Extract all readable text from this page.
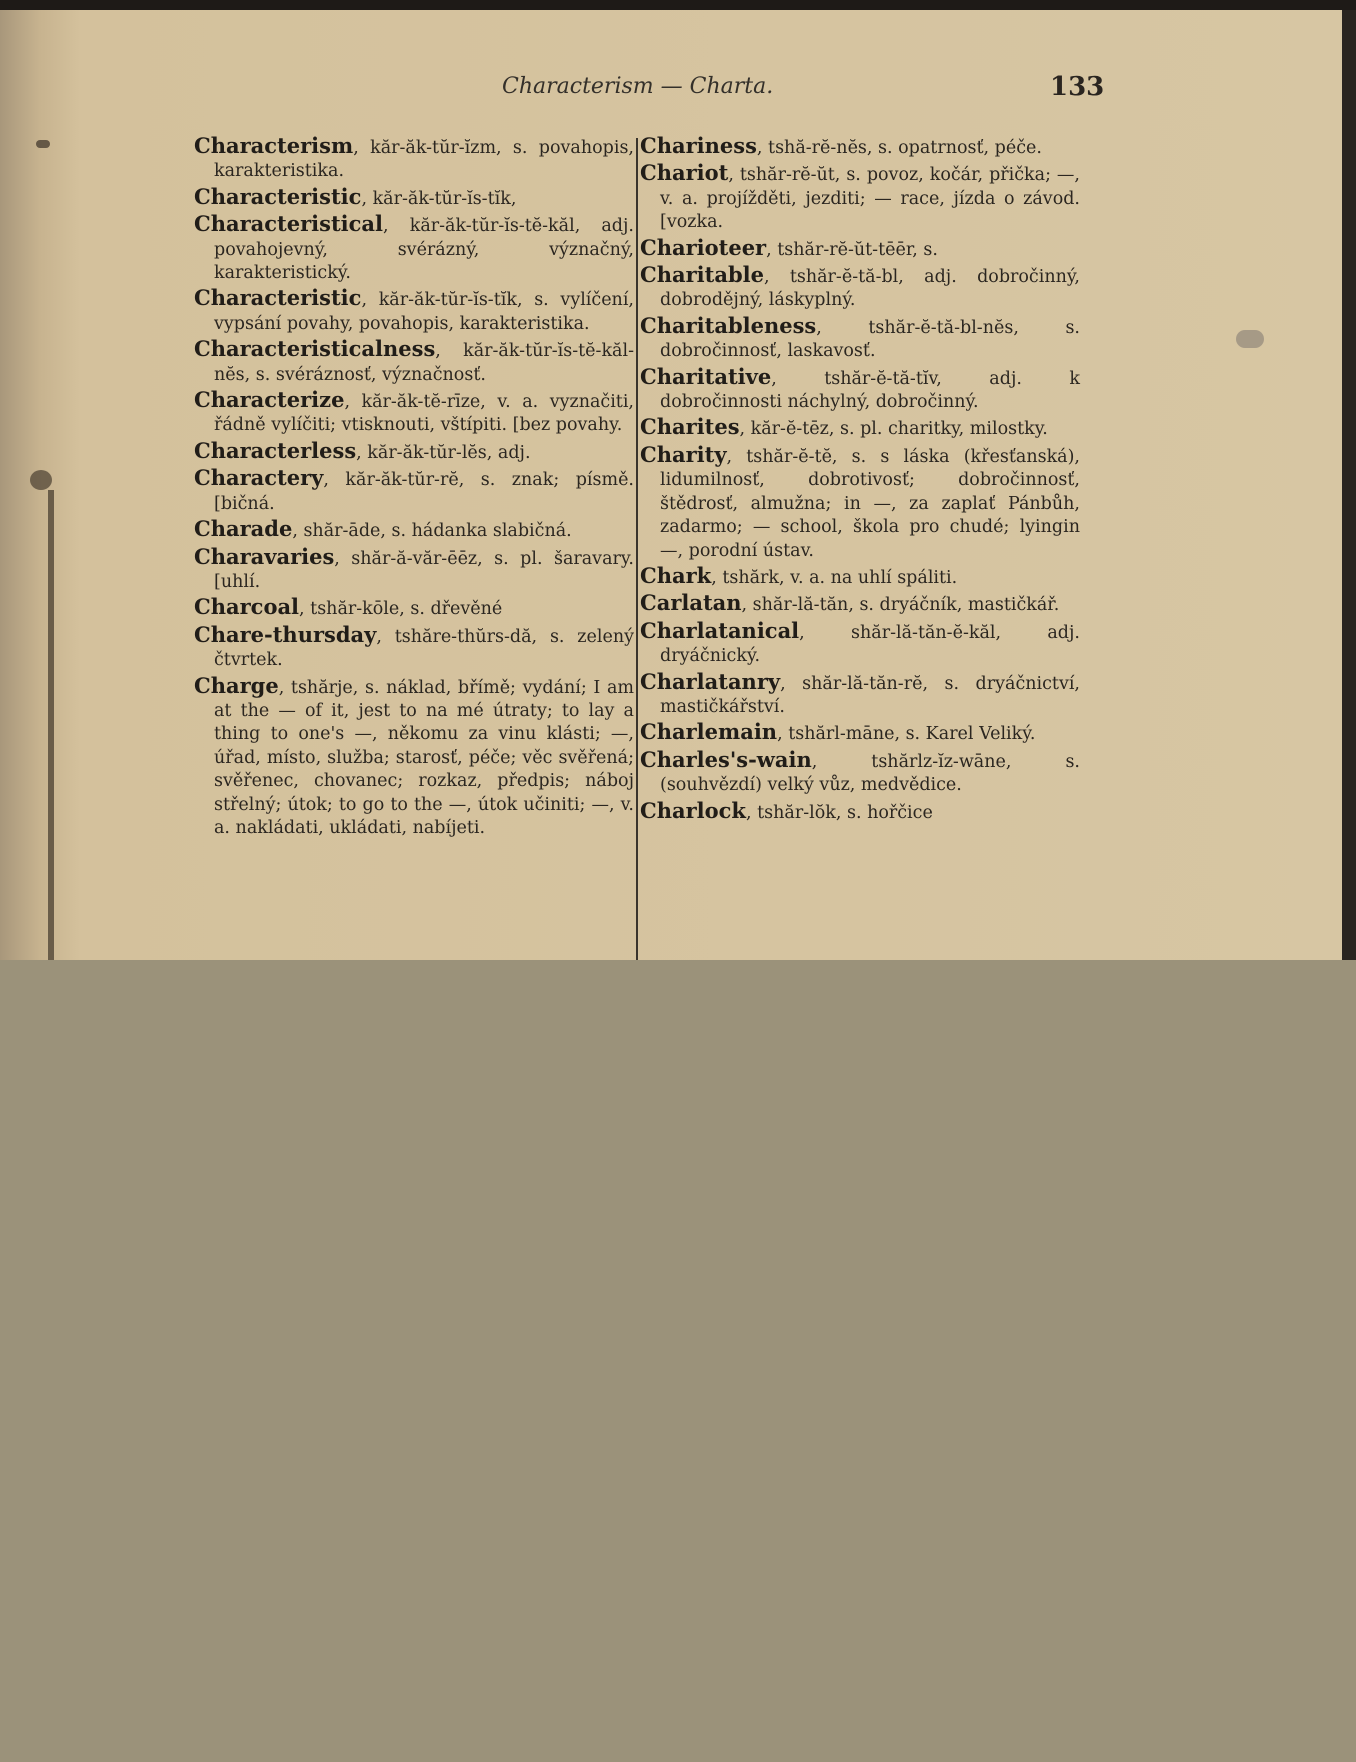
Characterism — Charta.	133
Characterism, kăr-ăk-tŭr-ĭzm, s. povahopis, karakteristika.
Characteristic, kăr-ăk-tŭr-ĭs-tĭk,
Characteristical, kăr-ăk-tŭr-ĭs-tĕ-kăl, adj. povahojevný, svérázný, význačný, karakteristický.
Characteristic, kăr-ăk-tŭr-ĭs-tĭk, s. vylíčení, vypsání povahy, povahopis, karakteristika.
Characteristicalness, kăr-ăk-tŭr-ĭs-tĕ-kăl-nĕs, s. svéráznosť, význačnosť.
Characterize, kăr-ăk-tĕ-rīze, v. a. vyznačiti, řádně vylíčiti; vtisknouti, vštípiti. [bez povahy.
Characterless, kăr-ăk-tŭr-lĕs, adj.
Charactery, kăr-ăk-tŭr-rĕ, s. znak; písmě. [bičná.
Charade, shăr-āde, s. hádanka slabičná.
Charavaries, shăr-ă-văr-ēēz, s. pl. šaravary. [uhlí.
Charcoal, tshăr-kōle, s. dřevěné
Chare-thursday, tshăre-thŭrs-dă, s. zelený čtvrtek.
Charge, tshărje, s. náklad, břímě; vydání; I am at the — of it, jest to na mé útraty; to lay a thing to one's —, někomu za vinu klásti; —, úřad, místo, služba; starosť, péče; věc svěřená; svěřenec, chovanec; rozkaz, předpis; náboj střelný; útok; to go to the —, útok učiniti; —, v. a. nakládati, ukládati, nabíjeti.
Chariness, tshă-rĕ-nĕs, s. opatrnosť, péče.
Chariot, tshăr-rĕ-ŭt, s. povoz, kočár, přička; —, v. a. projížděti, jezditi; — race, jízda o závod. [vozka.
Charioteer, tshăr-rĕ-ŭt-tēēr, s.
Charitable, tshăr-ĕ-tă-bl, adj. dobročinný, dobrodějný, láskyplný.
Charitableness, tshăr-ĕ-tă-bl-nĕs, s. dobročinnosť, laskavosť.
Charitative, tshăr-ĕ-tă-tĭv, adj. k dobročinnosti náchylný, dobročinný.
Charites, kăr-ĕ-tēz, s. pl. charitky, milostky.
Charity, tshăr-ĕ-tĕ, s. s láska (křesťanská), lidumilnosť, dobrotivosť; dobročinnosť, štědrosť, almužna; in —, za zaplať Pánbůh, zadarmo; — school, škola pro chudé; lyingin —, porodní ústav.
Chark, tshărk, v. a. na uhlí spáliti.
Carlatan, shăr-lă-tăn, s. dryáčník, mastičkář.
Charlatanical, shăr-lă-tăn-ĕ-kăl, adj. dryáčnický.
Charlatanry, shăr-lă-tăn-rĕ, s. dryáčnictví, mastičkářství.
Charlemain, tshărl-māne, s. Karel Veliký.
Charles's-wain, tshărlz-ĭz-wāne, s. (souhvězdí) velký vůz, medvědice.
Charlock, tshăr-lŏk, s. hořčice
